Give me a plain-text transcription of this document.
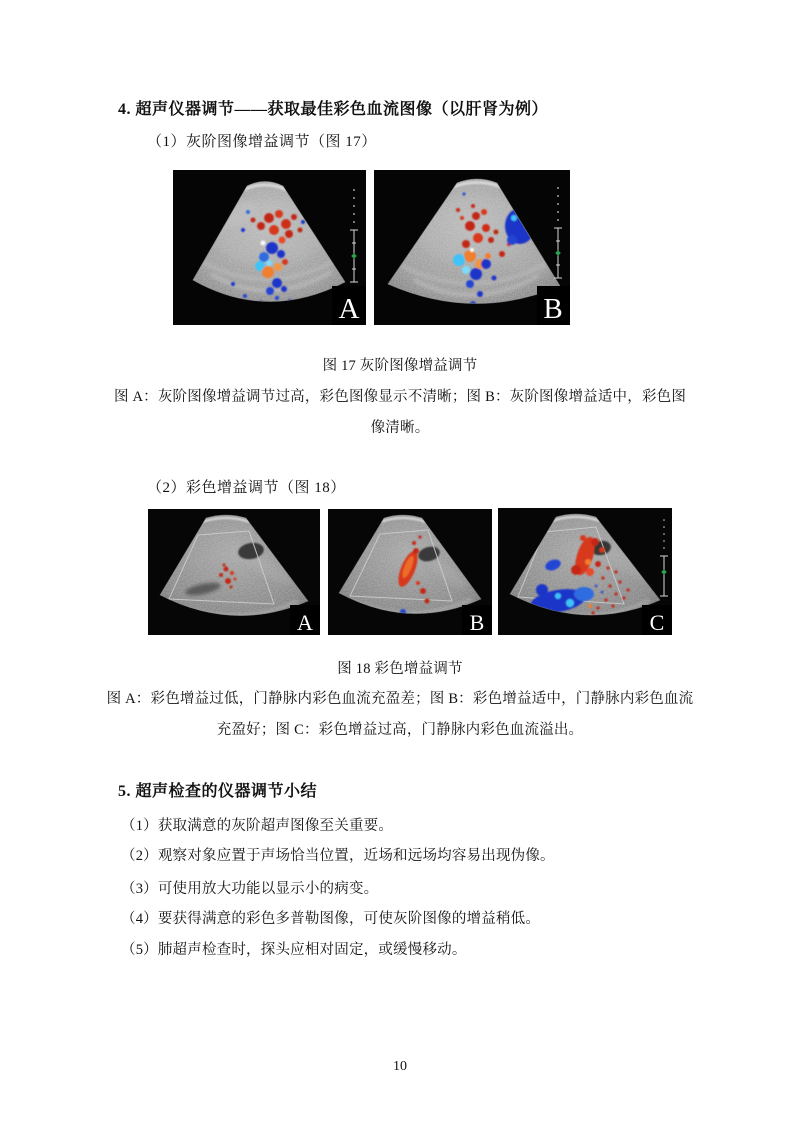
4. 超声仪器调节——获取最佳彩色血流图像（以肝肾为例）
（1）灰阶图像增益调节（图 17）
A	B
图 17 灰阶图像增益调节
图 A：灰阶图像增益调节过高，彩色图像显示不清晰；图 B：灰阶图像增益适中，彩色图
像清晰。
（2）彩色增益调节（图 18）
A	B	C
图 18 彩色增益调节
图 A：彩色增益过低，门静脉内彩色血流充盈差；图 B：彩色增益适中，门静脉内彩色血流
充盈好；图 C：彩色增益过高，门静脉内彩色血流溢出。
5. 超声检查的仪器调节小结
（1）获取满意的灰阶超声图像至关重要。
（2）观察对象应置于声场恰当位置，近场和远场均容易出现伪像。
（3）可使用放大功能以显示小的病变。
（4）要获得满意的彩色多普勒图像，可使灰阶图像的增益稍低。
（5）肺超声检查时，探头应相对固定，或缓慢移动。
10
